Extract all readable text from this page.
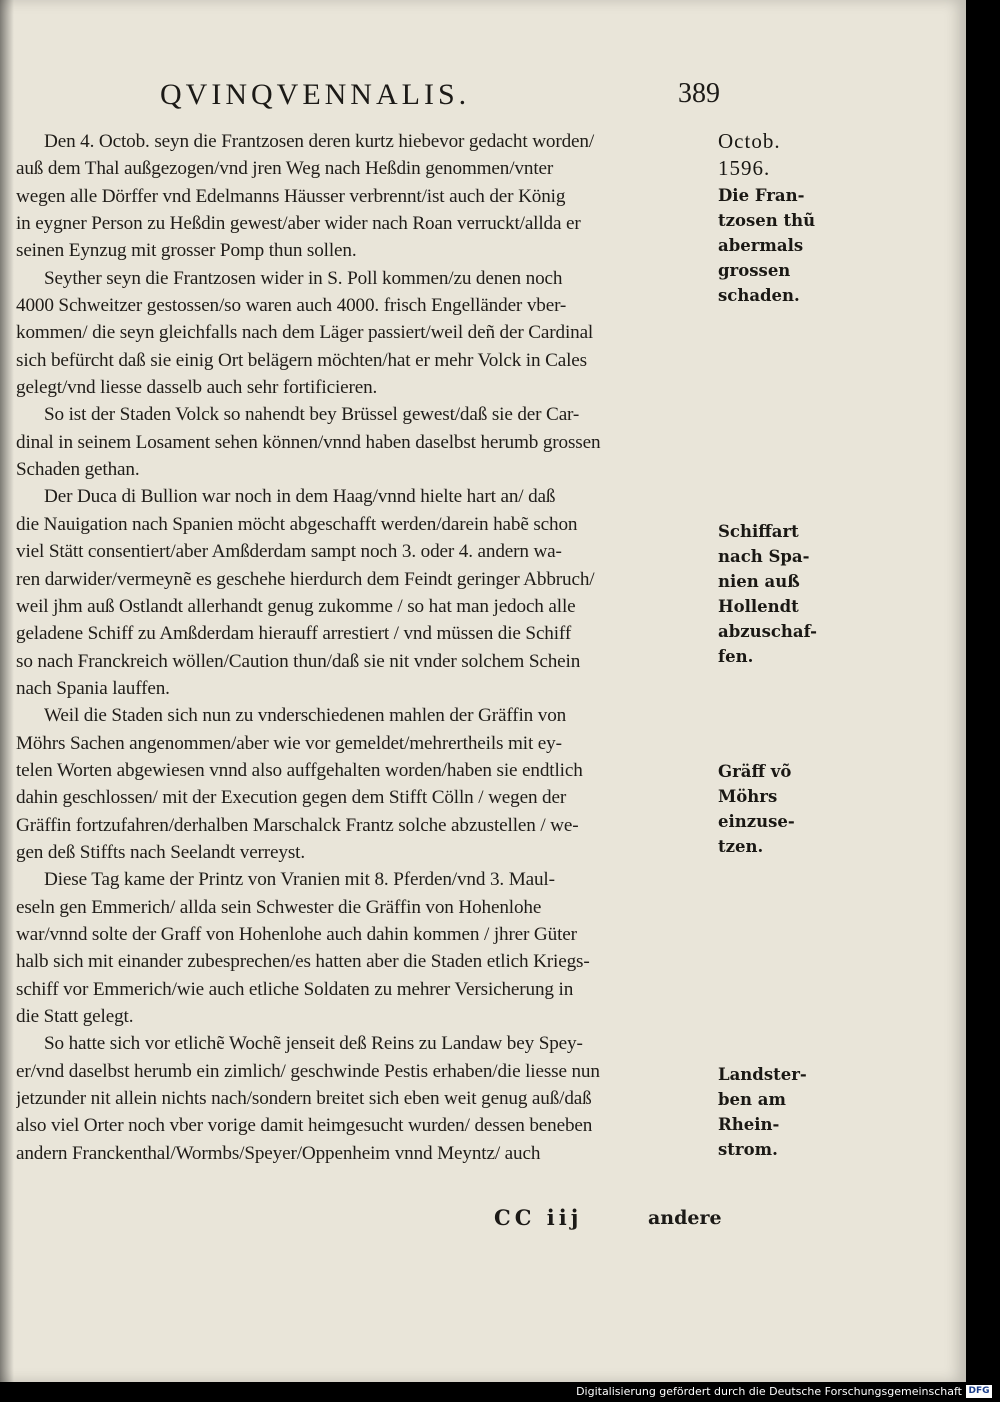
QVINQVENNALIS.	389
Den 4. Octob. seyn die Frantzosen deren kurtz hiebevor gedacht worden/
auß dem Thal außgezogen/vnd jren Weg nach Heßdin genommen/vnter
wegen alle Dörffer vnd Edelmanns Häusser verbrennt/ist auch der König
in eygner Person zu Heßdin gewest/aber wider nach Roan verruckt/allda er
seinen Eynzug mit grosser Pomp thun sollen.
Seyther seyn die Frantzosen wider in S. Poll kommen/zu denen noch
4000 Schweitzer gestossen/so waren auch 4000. frisch Engelländer vber-
kommen/ die seyn gleichfalls nach dem Läger passiert/weil deñ der Cardinal
sich befürcht daß sie einig Ort belägern möchten/hat er mehr Volck in Cales
gelegt/vnd liesse dasselb auch sehr fortificieren.
So ist der Staden Volck so nahendt bey Brüssel gewest/daß sie der Car-
dinal in seinem Losament sehen können/vnnd haben daselbst herumb grossen
Schaden gethan.
Der Duca di Bullion war noch in dem Haag/vnnd hielte hart an/ daß
die Nauigation nach Spanien möcht abgeschafft werden/darein habẽ schon
viel Stätt consentiert/aber Amßderdam sampt noch 3. oder 4. andern wa-
ren darwider/vermeynẽ es geschehe hierdurch dem Feindt geringer Abbruch/
weil jhm auß Ostlandt allerhandt genug zukomme / so hat man jedoch alle
geladene Schiff zu Amßderdam hierauff arrestiert / vnd müssen die Schiff
so nach Franckreich wöllen/Caution thun/daß sie nit vnder solchem Schein
nach Spania lauffen.
Weil die Staden sich nun zu vnderschiedenen mahlen der Gräffin von
Möhrs Sachen angenommen/aber wie vor gemeldet/mehrertheils mit ey-
telen Worten abgewiesen vnnd also auffgehalten worden/haben sie endtlich
dahin geschlossen/ mit der Execution gegen dem Stifft Cölln / wegen der
Gräffin fortzufahren/derhalben Marschalck Frantz solche abzustellen / we-
gen deß Stiffts nach Seelandt verreyst.
Diese Tag kame der Printz von Vranien mit 8. Pferden/vnd 3. Maul-
eseln gen Emmerich/ allda sein Schwester die Gräffin von Hohenlohe
war/vnnd solte der Graff von Hohenlohe auch dahin kommen / jhrer Güter
halb sich mit einander zubesprechen/es hatten aber die Staden etlich Kriegs-
schiff vor Emmerich/wie auch etliche Soldaten zu mehrer Versicherung in
die Statt gelegt.
So hatte sich vor etlichẽ Wochẽ jenseit deß Reins zu Landaw bey Spey-
er/vnd daselbst herumb ein zimlich/ geschwinde Pestis erhaben/die liesse nun
jetzunder nit allein nichts nach/sondern breitet sich eben weit genug auß/daß
also viel Orter noch vber vorige damit heimgesucht wurden/ dessen beneben
andern Franckenthal/Wormbs/Speyer/Oppenheim vnnd Meyntz/ auch
Octob.
1596.
Die Fran-
tzosen thũ
abermals
grossen
schaden.
Schiffart
nach Spa-
nien auß
Hollendt
abzuschaf-
fen.
Gräff võ
Möhrs
einzuse-
tzen.
Landster-
ben am
Rhein-
strom.
CC iij	andere
Digitalisierung gefördert durch die Deutsche Forschungsgemeinschaft DFG
